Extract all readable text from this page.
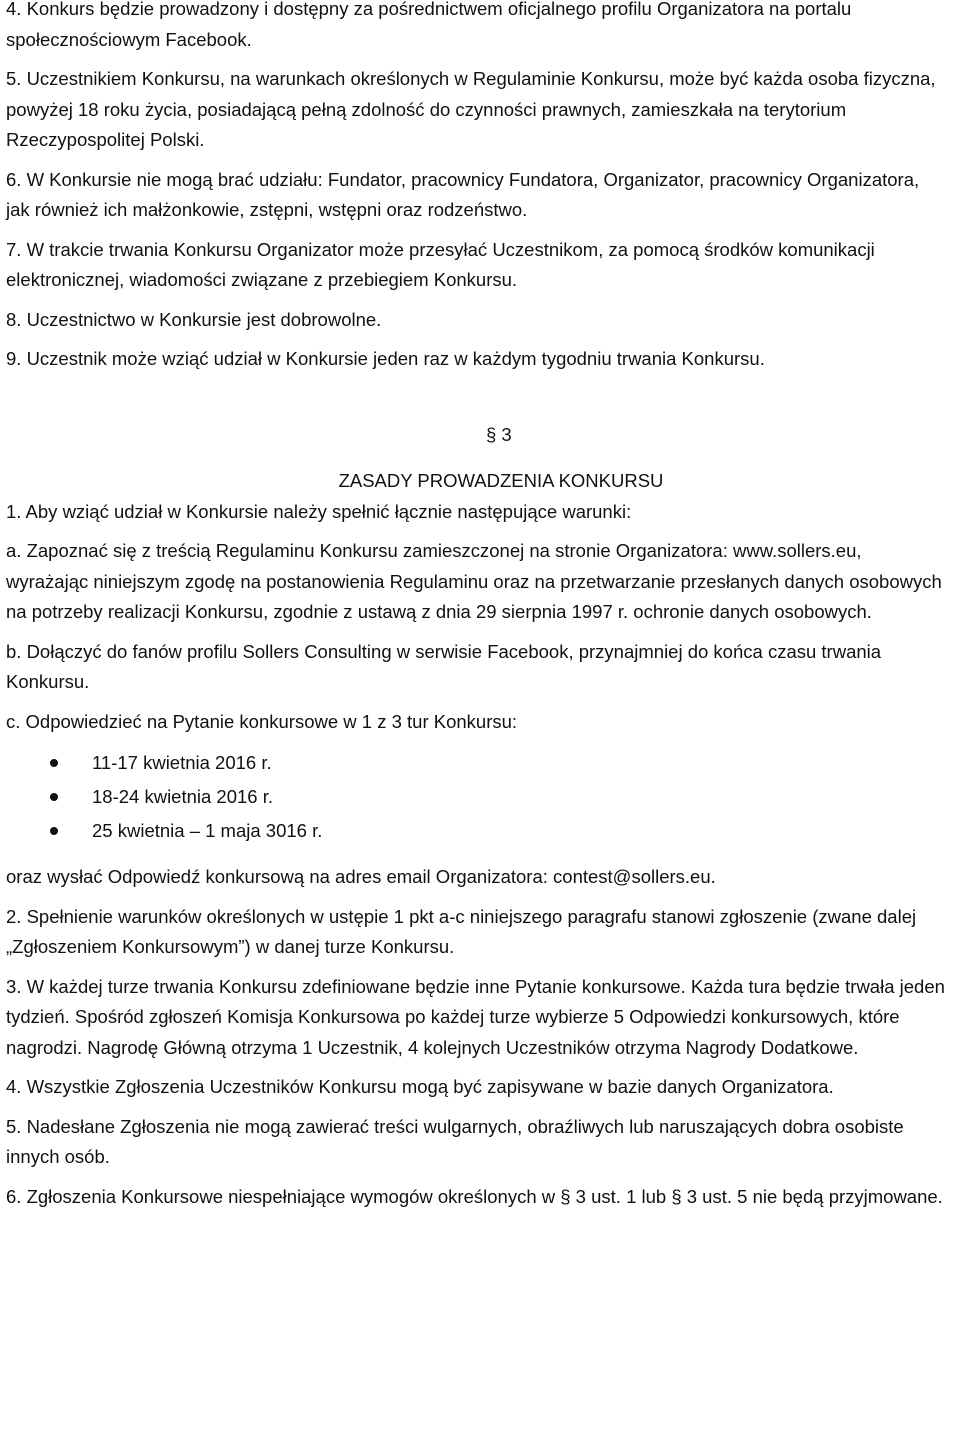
4. Konkurs będzie prowadzony i dostępny za pośrednictwem oficjalnego profilu Organizatora na portalu społecznościowym Facebook.

5. Uczestnikiem Konkursu, na warunkach określonych w Regulaminie Konkursu, może być każda osoba fizyczna, powyżej 18 roku życia, posiadającą pełną zdolność do czynności prawnych, zamieszkała na terytorium Rzeczypospolitej Polski.

6. W Konkursie nie mogą brać udziału: Fundator, pracownicy Fundatora, Organizator, pracownicy Organizatora, jak również ich małżonkowie, zstępni, wstępni oraz rodzeństwo.

7. W trakcie trwania Konkursu Organizator może przesyłać Uczestnikom, za pomocą środków komunikacji elektronicznej, wiadomości związane z przebiegiem Konkursu.

8. Uczestnictwo w Konkursie jest dobrowolne.

9. Uczestnik może wziąć udział w Konkursie jeden raz w każdym tygodniu trwania Konkursu.

§ 3
ZASADY PROWADZENIA KONKURSU

1. Aby wziąć udział w Konkursie należy spełnić łącznie następujące warunki:

a. Zapoznać się z treścią Regulaminu Konkursu zamieszczonej na stronie Organizatora: www.sollers.eu, wyrażając niniejszym zgodę na postanowienia Regulaminu oraz na przetwarzanie przesłanych danych osobowych na potrzeby realizacji Konkursu, zgodnie z ustawą z dnia 29 sierpnia 1997 r. ochronie danych osobowych.

b. Dołączyć do fanów profilu Sollers Consulting w serwisie Facebook, przynajmniej do końca czasu trwania Konkursu.

c. Odpowiedzieć na Pytanie konkursowe w 1 z 3 tur Konkursu:

11-17 kwietnia 2016 r.
18-24 kwietnia 2016 r.
25 kwietnia – 1 maja 3016 r.

oraz wysłać Odpowiedź konkursową na adres email Organizatora: contest@sollers.eu.

2. Spełnienie warunków określonych w ustępie 1 pkt a-c niniejszego paragrafu stanowi zgłoszenie (zwane dalej „Zgłoszeniem Konkursowym”) w danej turze Konkursu.

3. W każdej turze trwania Konkursu zdefiniowane będzie inne Pytanie konkursowe. Każda tura będzie trwała jeden tydzień. Spośród zgłoszeń Komisja Konkursowa po każdej turze wybierze 5 Odpowiedzi konkursowych, które nagrodzi. Nagrodę Główną otrzyma 1 Uczestnik, 4 kolejnych Uczestników otrzyma Nagrody Dodatkowe.

4. Wszystkie Zgłoszenia Uczestników Konkursu mogą być zapisywane w bazie danych Organizatora.

5. Nadesłane Zgłoszenia nie mogą zawierać treści wulgarnych, obraźliwych lub naruszających dobra osobiste innych osób.

6. Zgłoszenia Konkursowe niespełniające wymogów określonych w § 3 ust. 1 lub § 3 ust. 5 nie będą przyjmowane.
